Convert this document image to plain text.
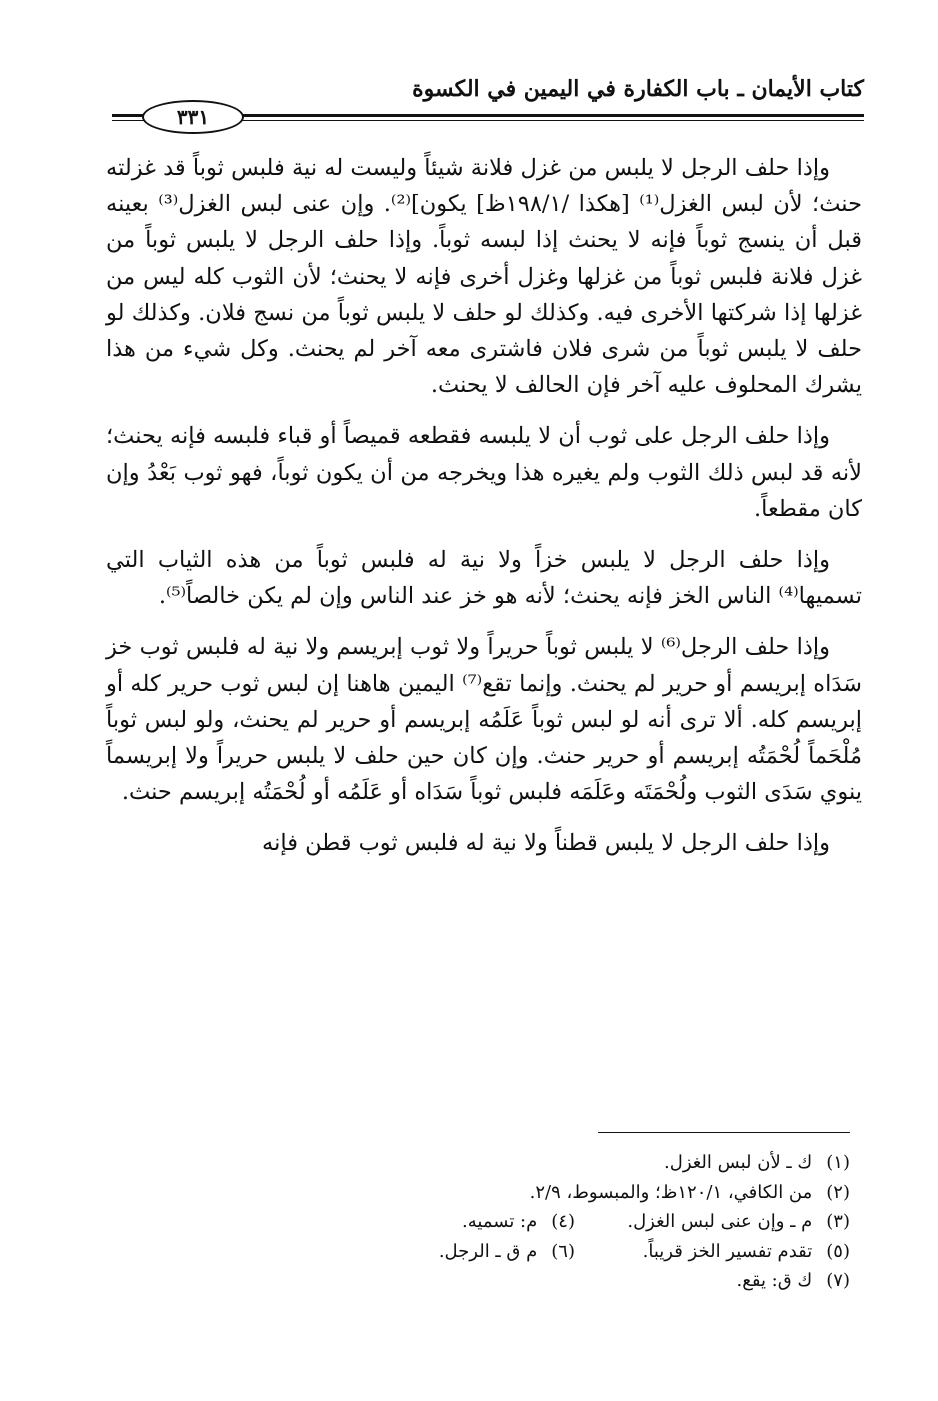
كتاب الأيمان ـ باب الكفارة في اليمين في الكسوة
٣٣١

وإذا حلف الرجل لا يلبس من غزل فلانة شيئاً وليست له نية فلبس ثوباً قد غزلته حنث؛ لأن لبس الغزل⁽¹⁾ [هكذا /١٩٨/١ظ] يكون]⁽²⁾. وإن عنى لبس الغزل⁽³⁾ بعينه قبل أن ينسج ثوباً فإنه لا يحنث إذا لبسه ثوباً. وإذا حلف الرجل لا يلبس ثوباً من غزل فلانة فلبس ثوباً من غزلها وغزل أخرى فإنه لا يحنث؛ لأن الثوب كله ليس من غزلها إذا شركتها الأخرى فيه. وكذلك لو حلف لا يلبس ثوباً من نسج فلان. وكذلك لو حلف لا يلبس ثوباً من شرى فلان فاشترى معه آخر لم يحنث. وكل شيء من هذا يشرك المحلوف عليه آخر فإن الحالف لا يحنث.

وإذا حلف الرجل على ثوب أن لا يلبسه فقطعه قميصاً أو قباء فلبسه فإنه يحنث؛ لأنه قد لبس ذلك الثوب ولم يغيره هذا ويخرجه من أن يكون ثوباً، فهو ثوب بَعْدُ وإن كان مقطعاً.

وإذا حلف الرجل لا يلبس خزاً ولا نية له فلبس ثوباً من هذه الثياب التي تسميها⁽⁴⁾ الناس الخز فإنه يحنث؛ لأنه هو خز عند الناس وإن لم يكن خالصاً⁽⁵⁾.

وإذا حلف الرجل⁽⁶⁾ لا يلبس ثوباً حريراً ولا ثوب إبريسم ولا نية له فلبس ثوب خز سَدَاه إبريسم أو حرير لم يحنث. وإنما تقع⁽⁷⁾ اليمين هاهنا إن لبس ثوب حرير كله أو إبريسم كله. ألا ترى أنه لو لبس ثوباً عَلَمُه إبريسم أو حرير لم يحنث، ولو لبس ثوباً مُلْحَماً لُحْمَتُه إبريسم أو حرير حنث. وإن كان حين حلف لا يلبس حريراً ولا إبريسماً ينوي سَدَى الثوب ولُحْمَتَه وعَلَمَه فلبس ثوباً سَدَاه أو عَلَمُه أو لُحْمَتُه إبريسم حنث.

وإذا حلف الرجل لا يلبس قطناً ولا نية له فلبس ثوب قطن فإنه

(١) ك ـ لأن لبس الغزل.
(٢) من الكافي، ١٢٠/١ظ؛ والمبسوط، ٢/٩.
(٣) م ـ وإن عنى لبس الغزل.
(٤) م: تسميه.
(٥) تقدم تفسير الخز قريباً.
(٦) م ق ـ الرجل.
(٧) ك ق: يقع.
